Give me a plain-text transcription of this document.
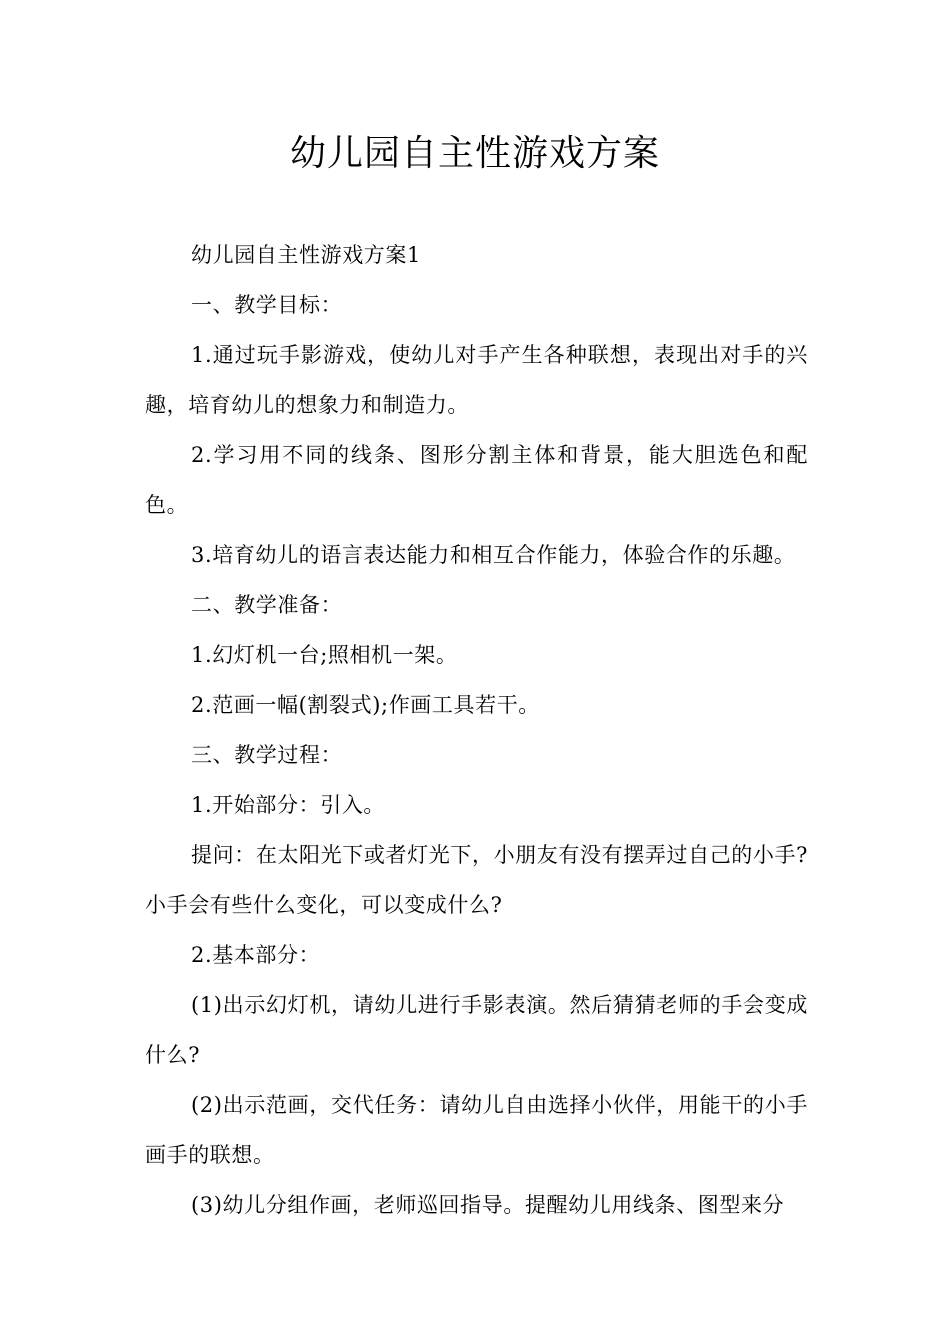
幼儿园自主性游戏方案

幼儿园自主性游戏方案1

一、教学目标：

1.通过玩手影游戏，使幼儿对手产生各种联想，表现出对手的兴趣，培育幼儿的想象力和制造力。

2.学习用不同的线条、图形分割主体和背景，能大胆选色和配色。

3.培育幼儿的语言表达能力和相互合作能力，体验合作的乐趣。

二、教学准备：

1.幻灯机一台;照相机一架。

2.范画一幅(割裂式);作画工具若干。

三、教学过程：

1.开始部分：引入。

提问：在太阳光下或者灯光下，小朋友有没有摆弄过自己的小手?小手会有些什么变化，可以变成什么?

2.基本部分：

(1)出示幻灯机，请幼儿进行手影表演。然后猜猜老师的手会变成什么?

(2)出示范画，交代任务：请幼儿自由选择小伙伴，用能干的小手画手的联想。

(3)幼儿分组作画，老师巡回指导。提醒幼儿用线条、图型来分
